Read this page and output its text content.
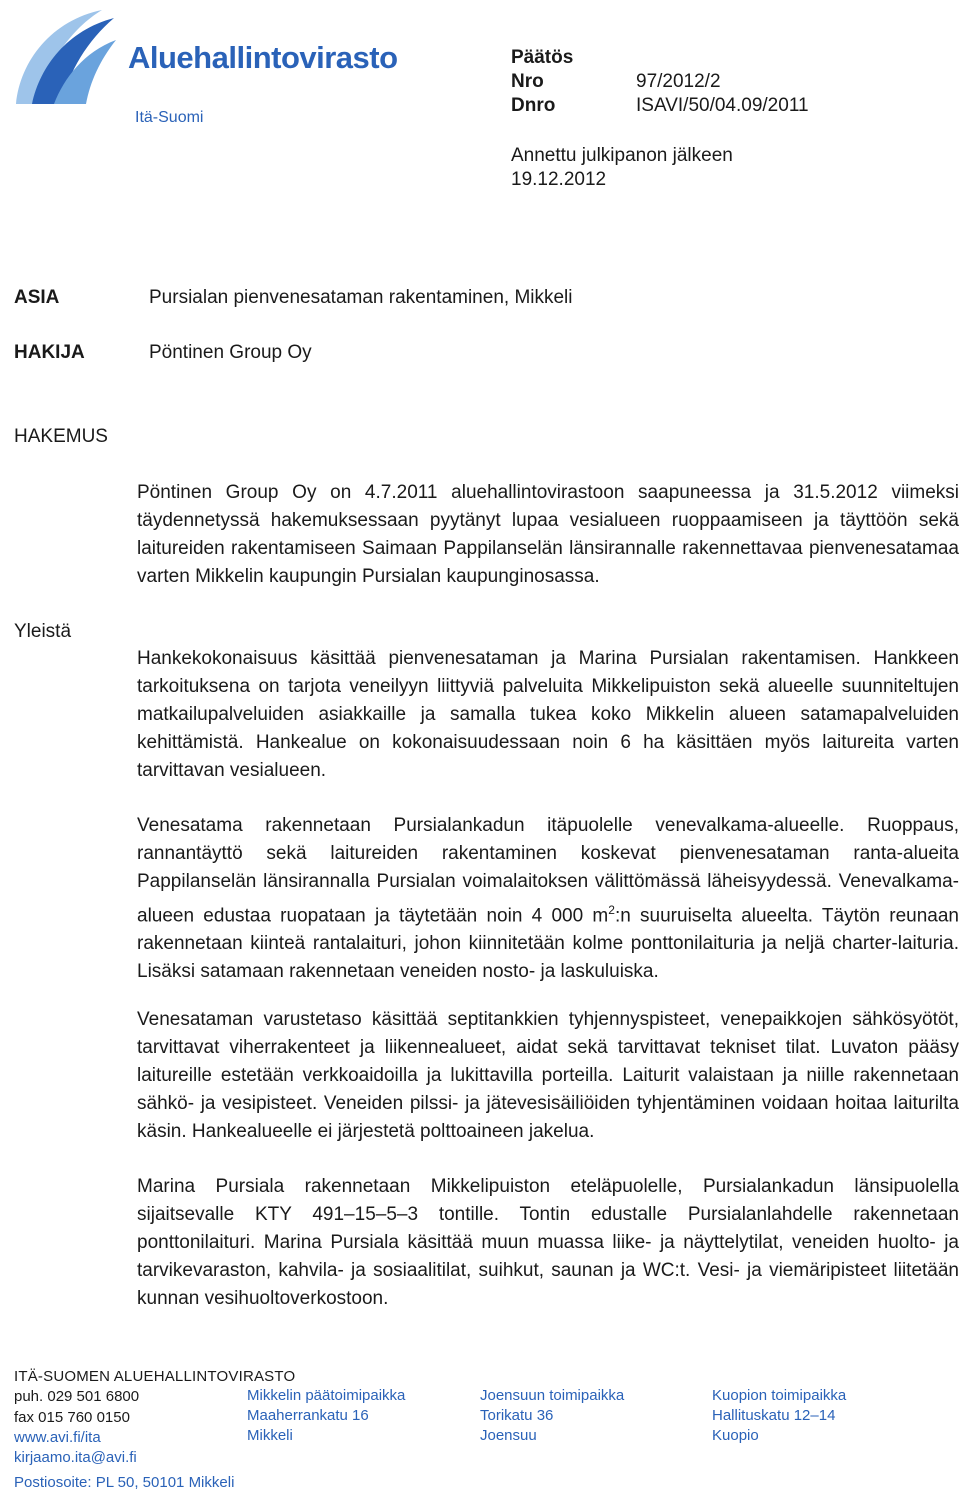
Aluehallintovirasto
Itä-Suomi
Päätös
Nro	97/2012/2
Dnro	ISAVI/50/04.09/2011
Annettu julkipanon jälkeen
19.12.2012
ASIA	Pursialan pienvenesataman rakentaminen, Mikkeli
HAKIJA	Pöntinen Group Oy
HAKEMUS

Pöntinen Group Oy on 4.7.2011 aluehallintovirastoon saapuneessa ja 31.5.2012 viimeksi täydennetyssä hakemuksessaan pyytänyt lupaa vesialueen ruoppaamiseen ja täyttöön sekä laitureiden rakentamiseen Saimaan Pappilanselän länsirannalle rakennettavaa pienvenesatamaa varten Mikkelin kaupungin Pursialan kaupunginosassa.

Yleistä

Hankekokonaisuus käsittää pienvenesataman ja Marina Pursialan rakentamisen. Hankkeen tarkoituksena on tarjota veneilyyn liittyviä palveluita Mikkelipuiston sekä alueelle suunniteltujen matkailupalveluiden asiakkaille ja samalla tukea koko Mikkelin alueen satamapalveluiden kehittämistä. Hankealue on kokonaisuudessaan noin 6 ha käsittäen myös laitureita varten tarvittavan vesialueen.

Venesatama rakennetaan Pursialankadun itäpuolelle venevalkama-alueelle. Ruoppaus, rannantäyttö sekä laitureiden rakentaminen koskevat pienvenesataman ranta-alueita Pappilanselän länsirannalla Pursialan voimalaitoksen välittömässä läheisyydessä. Venevalkama-alueen edustaa ruopataan ja täytetään noin 4 000 $m^2:n$ suuruiselta alueelta. Täytön reunaan rakennetaan kiinteä rantalaituri, johon kiinnitetään kolme ponttonilaituria ja neljä charter-laituria. Lisäksi satamaan rakennetaan veneiden nosto- ja laskuluiska.

Venesataman varustetaso käsittää septitankkien tyhjennyspisteet, venepaikkojen sähkösyötöt, tarvittavat viherrakenteet ja liikennealueet, aidat sekä tarvittavat tekniset tilat. Luvaton pääsy laitureille estetään verkkoaidoilla ja lukittavilla porteilla. Laiturit valaistaan ja niille rakennetaan sähkö- ja vesipisteet. Veneiden pilssi- ja jätevesisäiliöiden tyhjentäminen voidaan hoitaa laiturilta käsin. Hankealueelle ei järjestetä polttoaineen jakelua.

Marina Pursiala rakennetaan Mikkelipuiston eteläpuolelle, Pursialankadun länsipuolella sijaitsevalle KTY 491–15–5–3 tontille. Tontin edustalle Pursialanlahdelle rakennetaan ponttonilaituri. Marina Pursiala käsittää muun muassa liike- ja näyttelytilat, veneiden huolto- ja tarvikevaraston, kahvila- ja sosiaalitilat, suihkut, saunan ja WC:t. Vesi- ja viemäripisteet liitetään kunnan vesihuoltoverkostoon.

ITÄ-SUOMEN ALUEHALLINTOVIRASTO
puh. 029 501 6800
fax 015 760 0150
www.avi.fi/ita
kirjaamo.ita@avi.fi
Postiosoite: PL 50, 50101 Mikkeli
Mikkelin päätoimipaikka
Maaherrankatu 16
Mikkeli
Joensuun toimipaikka
Torikatu 36
Joensuu
Kuopion toimipaikka
Hallituskatu 12–14
Kuopio
